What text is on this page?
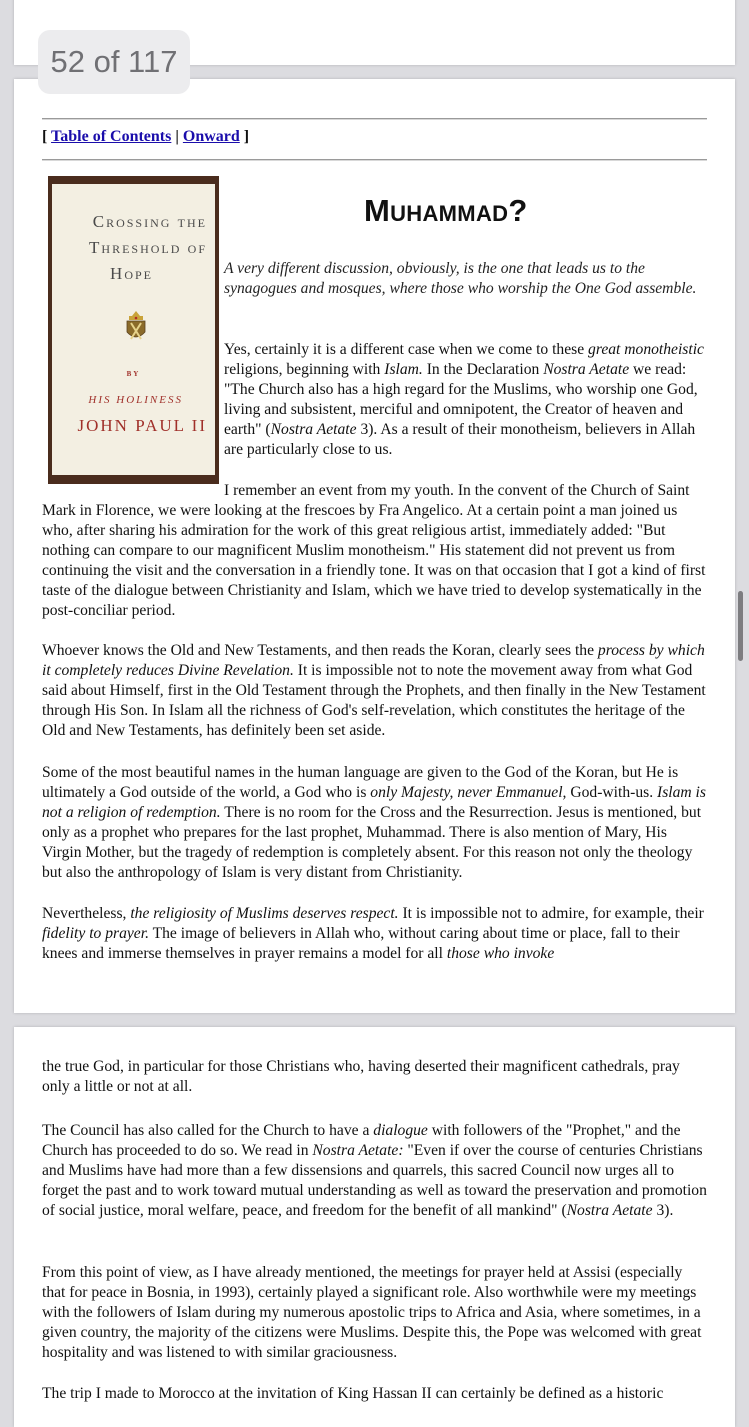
52 of 117
[ Table of Contents | Onward ]
Crossing the
Threshold of
Hope
BY
HIS HOLINESS
JOHN PAUL II
Muhammad?
A very different discussion, obviously, is the one that leads us to the synagogues and mosques, where those who worship the One God assemble.
Yes, certainly it is a different case when we come to these great monotheistic religions, beginning with Islam. In the Declaration Nostra Aetate we read: "The Church also has a high regard for the Muslims, who worship one God, living and subsistent, merciful and omnipotent, the Creator of heaven and earth" (Nostra Aetate 3). As a result of their monotheism, believers in Allah are particularly close to us.
I remember an event from my youth. In the convent of the Church of Saint Mark in Florence, we were looking at the frescoes by Fra Angelico. At a certain point a man joined us who, after sharing his admiration for the work of this great religious artist, immediately added: "But nothing can compare to our magnificent Muslim monotheism." His statement did not prevent us from continuing the visit and the conversation in a friendly tone. It was on that occasion that I got a kind of first taste of the dialogue between Christianity and Islam, which we have tried to develop systematically in the post-conciliar period.
Whoever knows the Old and New Testaments, and then reads the Koran, clearly sees the process by which it completely reduces Divine Revelation. It is impossible not to note the movement away from what God said about Himself, first in the Old Testament through the Prophets, and then finally in the New Testament through His Son. In Islam all the richness of God's self-revelation, which constitutes the heritage of the Old and New Testaments, has definitely been set aside.
Some of the most beautiful names in the human language are given to the God of the Koran, but He is ultimately a God outside of the world, a God who is only Majesty, never Emmanuel, God-with-us. Islam is not a religion of redemption. There is no room for the Cross and the Resurrection. Jesus is mentioned, but only as a prophet who prepares for the last prophet, Muhammad. There is also mention of Mary, His Virgin Mother, but the tragedy of redemption is completely absent. For this reason not only the theology but also the anthropology of Islam is very distant from Christianity.
Nevertheless, the religiosity of Muslims deserves respect. It is impossible not to admire, for example, their fidelity to prayer. The image of believers in Allah who, without caring about time or place, fall to their knees and immerse themselves in prayer remains a model for all those who invoke
the true God, in particular for those Christians who, having deserted their magnificent cathedrals, pray only a little or not at all.
The Council has also called for the Church to have a dialogue with followers of the "Prophet," and the Church has proceeded to do so. We read in Nostra Aetate: "Even if over the course of centuries Christians and Muslims have had more than a few dissensions and quarrels, this sacred Council now urges all to forget the past and to work toward mutual understanding as well as toward the preservation and promotion of social justice, moral welfare, peace, and freedom for the benefit of all mankind" (Nostra Aetate 3).
From this point of view, as I have already mentioned, the meetings for prayer held at Assisi (especially that for peace in Bosnia, in 1993), certainly played a significant role. Also worthwhile were my meetings with the followers of Islam during my numerous apostolic trips to Africa and Asia, where sometimes, in a given country, the majority of the citizens were Muslims. Despite this, the Pope was welcomed with great hospitality and was listened to with similar graciousness.
The trip I made to Morocco at the invitation of King Hassan II can certainly be defined as a historic
